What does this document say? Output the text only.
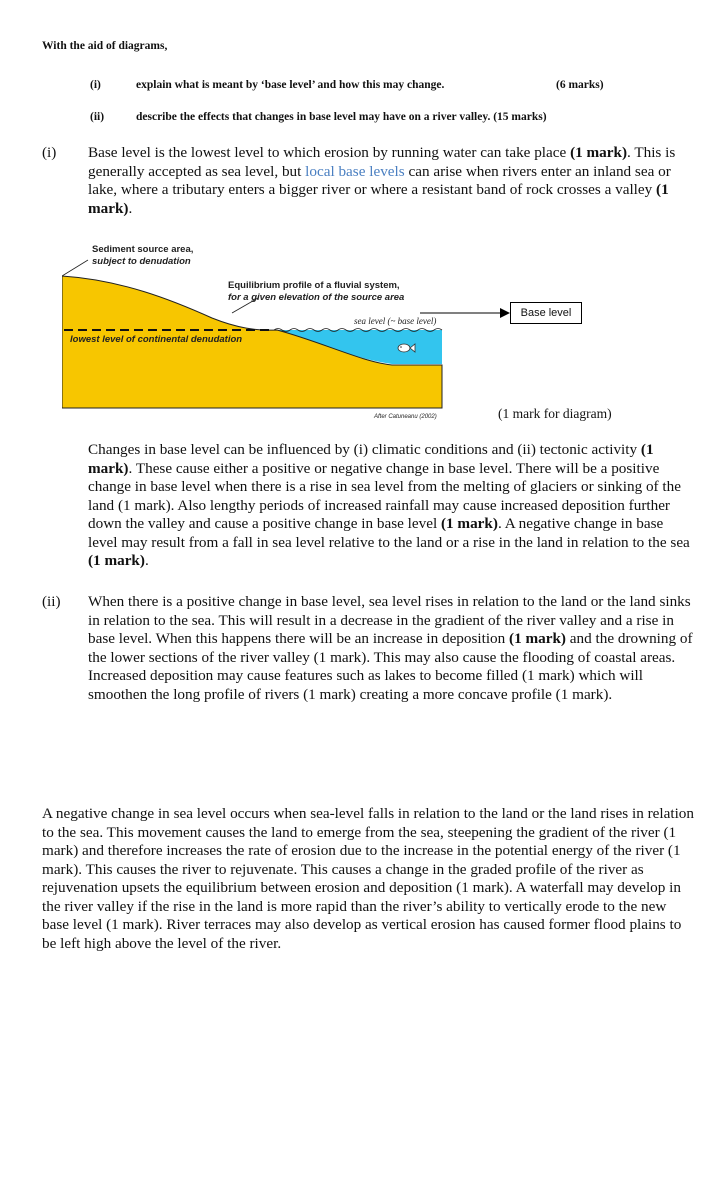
With the aid of diagrams,
(i)	explain what is meant by ‘base level’ and how this may change.	(6 marks)
(ii)	describe the effects that changes in base level may have on a river valley. (15 marks)
(i) Base level is the lowest level to which erosion by running water can take place (1 mark). This is generally accepted as sea level, but local base levels can arise when rivers enter an inland sea or lake, where a tributary enters a bigger river or where a resistant band of rock crosses a valley (1 mark).
Sediment source area,
subject to denudation
Equilibrium profile of a fluvial system,
for a given elevation of the source area
sea level (~ base level)
lowest level of continental denudation
After Catuneanu (2002)
Base level
(1 mark for diagram)
Changes in base level can be influenced by (i) climatic conditions and (ii) tectonic activity (1 mark). These cause either a positive or negative change in base level. There will be a positive change in base level when there is a rise in sea level from the melting of glaciers or sinking of the land (1 mark). Also lengthy periods of increased rainfall may cause increased deposition further down the valley and cause a positive change in base level (1 mark). A negative change in base level may result from a fall in sea level relative to the land or a rise in the land in relation to the sea (1 mark).
(ii) When there is a positive change in base level, sea level rises in relation to the land or the land sinks in relation to the sea. This will result in a decrease in the gradient of the river valley and a rise in base level. When this happens there will be an increase in deposition (1 mark) and the drowning of the lower sections of the river valley (1 mark). This may also cause the flooding of coastal areas. Increased deposition may cause features such as lakes to become filled (1 mark) which will smoothen the long profile of rivers (1 mark) creating a more concave profile (1 mark).
A negative change in sea level occurs when sea-level falls in relation to the land or the land rises in relation to the sea. This movement causes the land to emerge from the sea, steepening the gradient of the river (1 mark) and therefore increases the rate of erosion due to the increase in the potential energy of the river (1 mark). This causes the river to rejuvenate. This causes a change in the graded profile of the river as rejuvenation upsets the equilibrium between erosion and deposition (1 mark). A waterfall may develop in the river valley if the rise in the land is more rapid than the river’s ability to vertically erode to the new base level (1 mark). River terraces may also develop as vertical erosion has caused former flood plains to be left high above the level of the river.
